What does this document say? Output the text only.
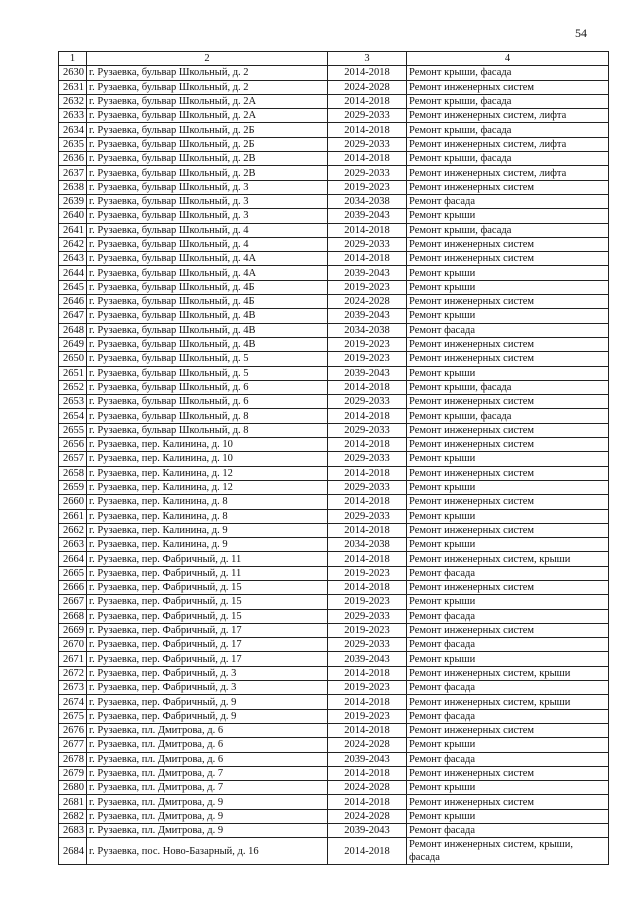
54
1	2	3	4
2630	г. Рузаевка, бульвар Школьный, д. 2	2014-2018	Ремонт крыши, фасада
2631	г. Рузаевка, бульвар Школьный, д. 2	2024-2028	Ремонт инженерных систем
2632	г. Рузаевка, бульвар Школьный, д. 2А	2014-2018	Ремонт крыши, фасада
2633	г. Рузаевка, бульвар Школьный, д. 2А	2029-2033	Ремонт инженерных систем, лифта
2634	г. Рузаевка, бульвар Школьный, д. 2Б	2014-2018	Ремонт крыши, фасада
2635	г. Рузаевка, бульвар Школьный, д. 2Б	2029-2033	Ремонт инженерных систем, лифта
2636	г. Рузаевка, бульвар Школьный, д. 2В	2014-2018	Ремонт крыши, фасада
2637	г. Рузаевка, бульвар Школьный, д. 2В	2029-2033	Ремонт инженерных систем, лифта
2638	г. Рузаевка, бульвар Школьный, д. 3	2019-2023	Ремонт инженерных систем
2639	г. Рузаевка, бульвар Школьный, д. 3	2034-2038	Ремонт фасада
2640	г. Рузаевка, бульвар Школьный, д. 3	2039-2043	Ремонт крыши
2641	г. Рузаевка, бульвар Школьный, д. 4	2014-2018	Ремонт крыши, фасада
2642	г. Рузаевка, бульвар Школьный, д. 4	2029-2033	Ремонт инженерных систем
2643	г. Рузаевка, бульвар Школьный, д. 4А	2014-2018	Ремонт инженерных систем
2644	г. Рузаевка, бульвар Школьный, д. 4А	2039-2043	Ремонт крыши
2645	г. Рузаевка, бульвар Школьный, д. 4Б	2019-2023	Ремонт крыши
2646	г. Рузаевка, бульвар Школьный, д. 4Б	2024-2028	Ремонт инженерных систем
2647	г. Рузаевка, бульвар Школьный, д. 4В	2039-2043	Ремонт крыши
2648	г. Рузаевка, бульвар Школьный, д. 4В	2034-2038	Ремонт фасада
2649	г. Рузаевка, бульвар Школьный, д. 4В	2019-2023	Ремонт инженерных систем
2650	г. Рузаевка, бульвар Школьный, д. 5	2019-2023	Ремонт инженерных систем
2651	г. Рузаевка, бульвар Школьный, д. 5	2039-2043	Ремонт крыши
2652	г. Рузаевка, бульвар Школьный, д. 6	2014-2018	Ремонт крыши, фасада
2653	г. Рузаевка, бульвар Школьный, д. 6	2029-2033	Ремонт инженерных систем
2654	г. Рузаевка, бульвар Школьный, д. 8	2014-2018	Ремонт крыши, фасада
2655	г. Рузаевка, бульвар Школьный, д. 8	2029-2033	Ремонт инженерных систем
2656	г. Рузаевка, пер. Калинина, д. 10	2014-2018	Ремонт инженерных систем
2657	г. Рузаевка, пер. Калинина, д. 10	2029-2033	Ремонт крыши
2658	г. Рузаевка, пер. Калинина, д. 12	2014-2018	Ремонт инженерных систем
2659	г. Рузаевка, пер. Калинина, д. 12	2029-2033	Ремонт крыши
2660	г. Рузаевка, пер. Калинина, д. 8	2014-2018	Ремонт инженерных систем
2661	г. Рузаевка, пер. Калинина, д. 8	2029-2033	Ремонт крыши
2662	г. Рузаевка, пер. Калинина, д. 9	2014-2018	Ремонт инженерных систем
2663	г. Рузаевка, пер. Калинина, д. 9	2034-2038	Ремонт крыши
2664	г. Рузаевка, пер. Фабричный, д. 11	2014-2018	Ремонт инженерных систем, крыши
2665	г. Рузаевка, пер. Фабричный, д. 11	2019-2023	Ремонт фасада
2666	г. Рузаевка, пер. Фабричный, д. 15	2014-2018	Ремонт инженерных систем
2667	г. Рузаевка, пер. Фабричный, д. 15	2019-2023	Ремонт крыши
2668	г. Рузаевка, пер. Фабричный, д. 15	2029-2033	Ремонт фасада
2669	г. Рузаевка, пер. Фабричный, д. 17	2019-2023	Ремонт инженерных систем
2670	г. Рузаевка, пер. Фабричный, д. 17	2029-2033	Ремонт фасада
2671	г. Рузаевка, пер. Фабричный, д. 17	2039-2043	Ремонт крыши
2672	г. Рузаевка, пер. Фабричный, д. 3	2014-2018	Ремонт инженерных систем, крыши
2673	г. Рузаевка, пер. Фабричный, д. 3	2019-2023	Ремонт фасада
2674	г. Рузаевка, пер. Фабричный, д. 9	2014-2018	Ремонт инженерных систем, крыши
2675	г. Рузаевка, пер. Фабричный, д. 9	2019-2023	Ремонт фасада
2676	г. Рузаевка, пл. Дмитрова, д. 6	2014-2018	Ремонт инженерных систем
2677	г. Рузаевка, пл. Дмитрова, д. 6	2024-2028	Ремонт крыши
2678	г. Рузаевка, пл. Дмитрова, д. 6	2039-2043	Ремонт фасада
2679	г. Рузаевка, пл. Дмитрова, д. 7	2014-2018	Ремонт инженерных систем
2680	г. Рузаевка, пл. Дмитрова, д. 7	2024-2028	Ремонт крыши
2681	г. Рузаевка, пл. Дмитрова, д. 9	2014-2018	Ремонт инженерных систем
2682	г. Рузаевка, пл. Дмитрова, д. 9	2024-2028	Ремонт крыши
2683	г. Рузаевка, пл. Дмитрова, д. 9	2039-2043	Ремонт фасада
2684	г. Рузаевка, пос. Ново-Базарный, д. 16	2014-2018	Ремонт инженерных систем, крыши, фасада
